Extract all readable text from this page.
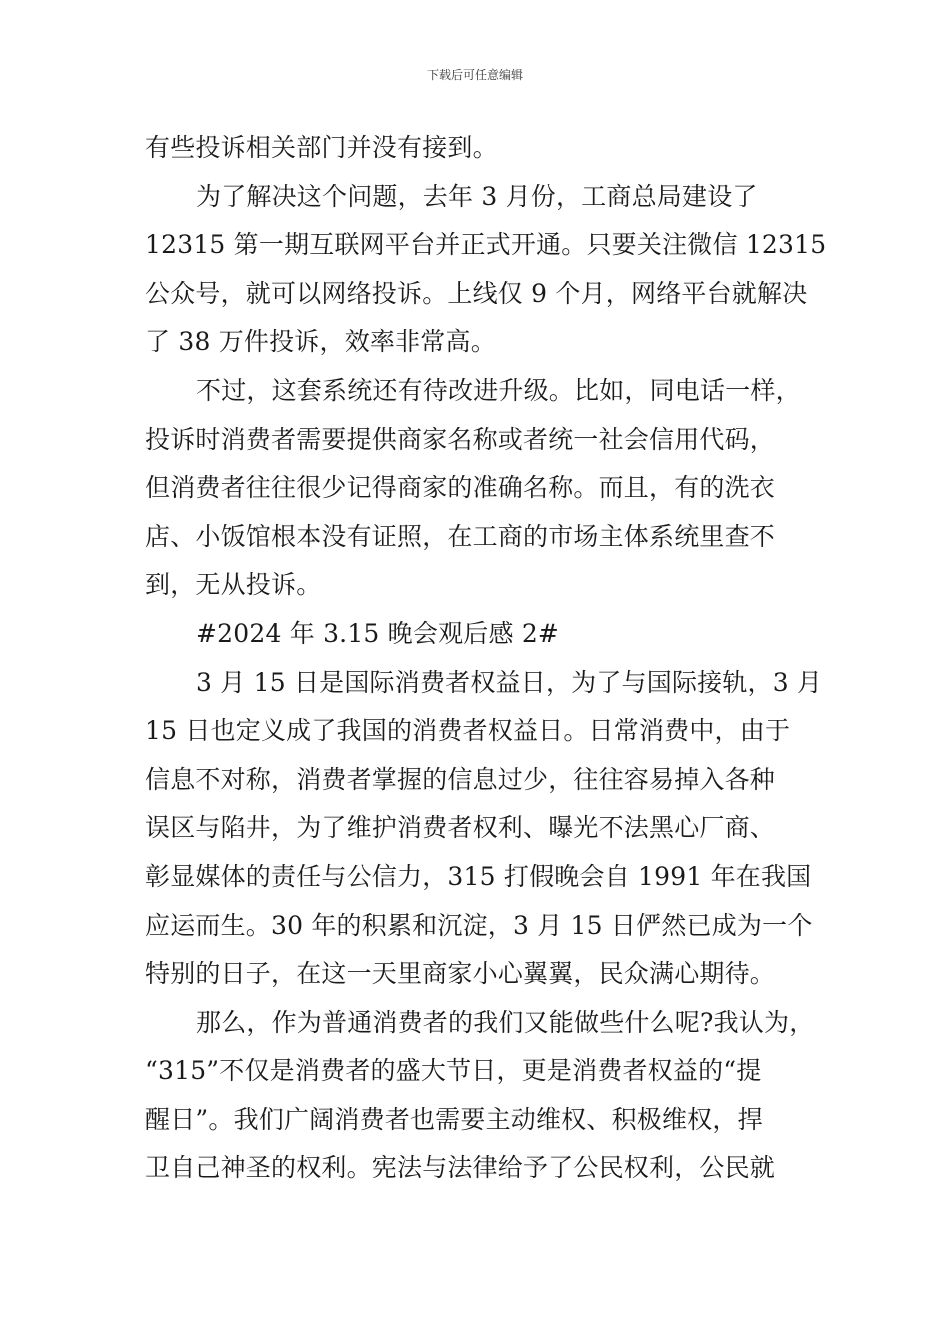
下载后可任意编辑
有些投诉相关部门并没有接到。
为了解决这个问题，去年 3 月份，工商总局建设了
12315 第一期互联网平台并正式开通。只要关注微信 12315
公众号，就可以网络投诉。上线仅 9 个月，网络平台就解决
了 38 万件投诉，效率非常高。
不过，这套系统还有待改进升级。比如，同电话一样，
投诉时消费者需要提供商家名称或者统一社会信用代码，
但消费者往往很少记得商家的准确名称。而且，有的洗衣
店、小饭馆根本没有证照，在工商的市场主体系统里查不
到，无从投诉。
#2024 年 3.15 晚会观后感 2#
3 月 15 日是国际消费者权益日，为了与国际接轨，3 月
15 日也定义成了我国的消费者权益日。日常消费中，由于
信息不对称，消费者掌握的信息过少，往往容易掉入各种
误区与陷井，为了维护消费者权利、曝光不法黑心厂商、
彰显媒体的责任与公信力，315 打假晚会自 1991 年在我国
应运而生。30 年的积累和沉淀，3 月 15 日俨然已成为一个
特别的日子，在这一天里商家小心翼翼，民众满心期待。
那么，作为普通消费者的我们又能做些什么呢?我认为，
“315”不仅是消费者的盛大节日，更是消费者权益的“提
醒日”。我们广阔消费者也需要主动维权、积极维权，捍
卫自己神圣的权利。宪法与法律给予了公民权利，公民就
